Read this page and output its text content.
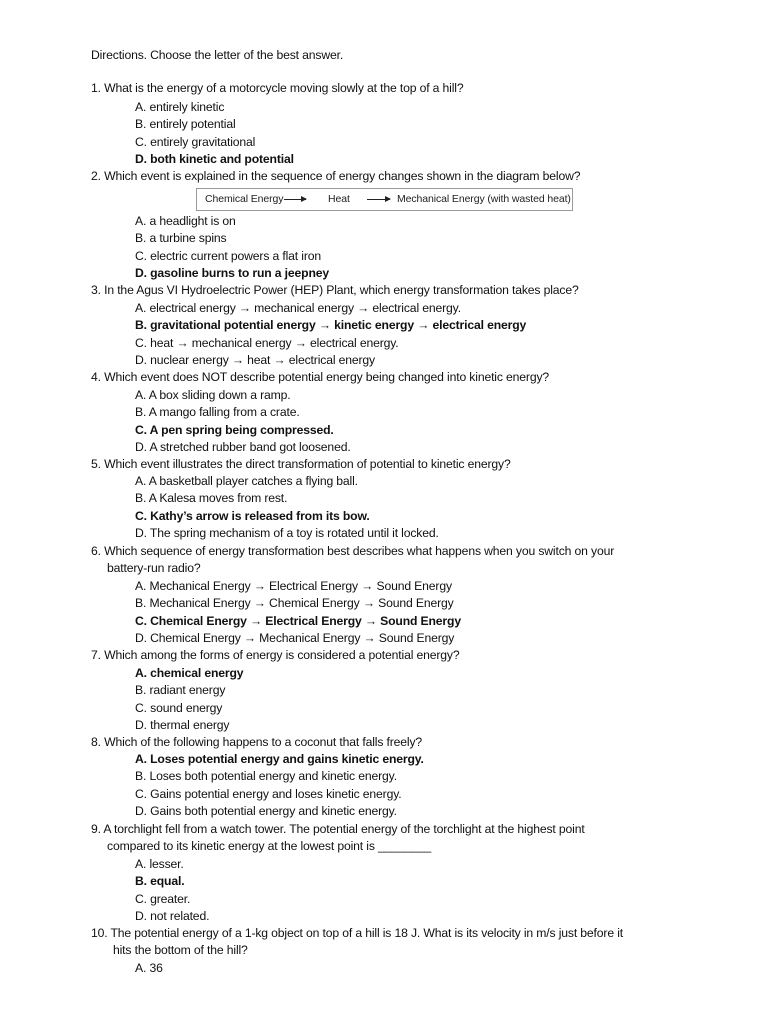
Directions. Choose the letter of the best answer.
1. What is the energy of a motorcycle moving slowly at the top of a hill?
A. entirely kinetic
B. entirely potential
C. entirely gravitational
D. both kinetic and potential
2. Which event is explained in the sequence of energy changes shown in the diagram below?
Chemical Energy	Heat	Mechanical Energy (with wasted heat)
A. a headlight is on
B. a turbine spins
C. electric current powers a flat iron
D. gasoline burns to run a jeepney
3. In the Agus VI Hydroelectric Power (HEP) Plant, which energy transformation takes place?
A. electrical energy → mechanical energy → electrical energy.
B. gravitational potential energy → kinetic energy → electrical energy
C. heat → mechanical energy → electrical energy.
D. nuclear energy → heat → electrical energy
4. Which event does NOT describe potential energy being changed into kinetic energy?
A. A box sliding down a ramp.
B. A mango falling from a crate.
C. A pen spring being compressed.
D. A stretched rubber band got loosened.
5. Which event illustrates the direct transformation of potential to kinetic energy?
A. A basketball player catches a flying ball.
B. A Kalesa moves from rest.
C. Kathy’s arrow is released from its bow.
D. The spring mechanism of a toy is rotated until it locked.
6. Which sequence of energy transformation best describes what happens when you switch on your
battery-run radio?
A. Mechanical Energy → Electrical Energy → Sound Energy
B. Mechanical Energy → Chemical Energy → Sound Energy
C. Chemical Energy → Electrical Energy → Sound Energy
D. Chemical Energy → Mechanical Energy → Sound Energy
7. Which among the forms of energy is considered a potential energy?
A. chemical energy
B. radiant energy
C. sound energy
D. thermal energy
8. Which of the following happens to a coconut that falls freely?
A. Loses potential energy and gains kinetic energy.
B. Loses both potential energy and kinetic energy.
C. Gains potential energy and loses kinetic energy.
D. Gains both potential energy and kinetic energy.
9. A torchlight fell from a watch tower. The potential energy of the torchlight at the highest point
compared to its kinetic energy at the lowest point is ________
A. lesser.
B. equal.
C. greater.
D. not related.
10. The potential energy of a 1-kg object on top of a hill is 18 J. What is its velocity in m/s just before it
hits the bottom of the hill?
A. 36
